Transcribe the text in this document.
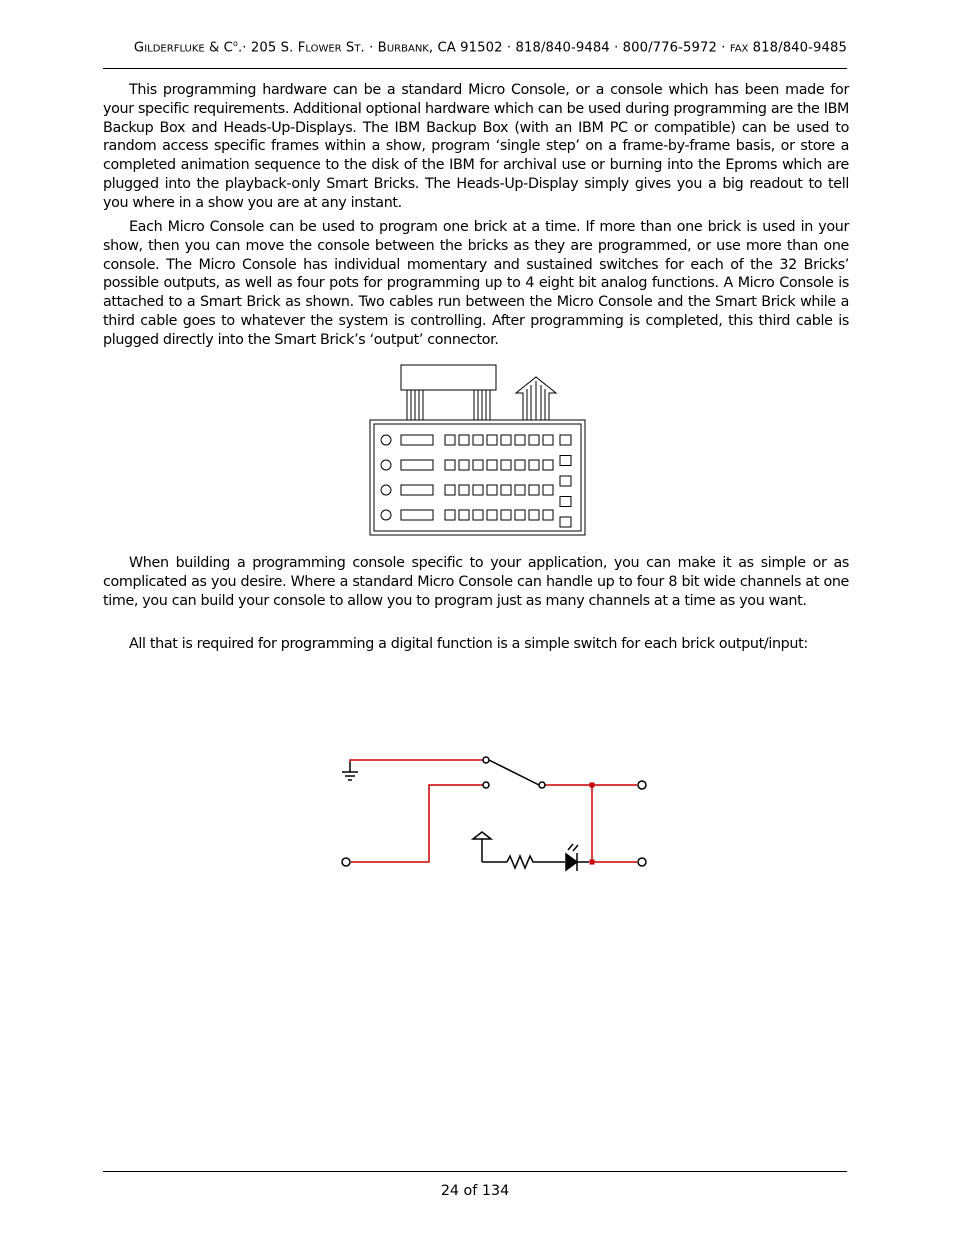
GILDERFLUKE & $C^o.\cdot 205$ S. FLOWER ST. · BURBANK, CA 91502 · 818/840-9484 · 800/776-5972 · FAX 818/840-9485

This programming hardware can be a standard Micro Console, or a console which has been made for your specific requirements. Additional optional hardware which can be used during programming are the IBM Backup Box and Heads-Up-Displays. The IBM Backup Box (with an IBM PC or compatible) can be used to random access specific frames within a show, program ‘single step’ on a frame-by-frame basis, or store a completed animation sequence to the disk of the IBM for archival use or burning into the Eproms which are plugged into the playback-only Smart Bricks. The Heads-Up-Display simply gives you a big readout to tell you where in a show you are at any instant.

Each Micro Console can be used to program one brick at a time. If more than one brick is used in your show, then you can move the console between the bricks as they are programmed, or use more than one console. The Micro Console has individual momentary and sustained switches for each of the 32 Bricks’ possible outputs, as well as four pots for programming up to 4 eight bit analog functions. A Micro Console is attached to a Smart Brick as shown. Two cables run between the Micro Console and the Smart Brick while a third cable goes to whatever the system is controlling. After programming is completed, this third cable is plugged directly into the Smart Brick’s ‘output’ connector.

When building a programming console specific to your application, you can make it as simple or as complicated as you desire. Where a standard Micro Console can handle up to four 8 bit wide channels at one time, you can build your console to allow you to program just as many channels at a time as you want.

All that is required for programming a digital function is a simple switch for each brick output/input:

24 of 134
